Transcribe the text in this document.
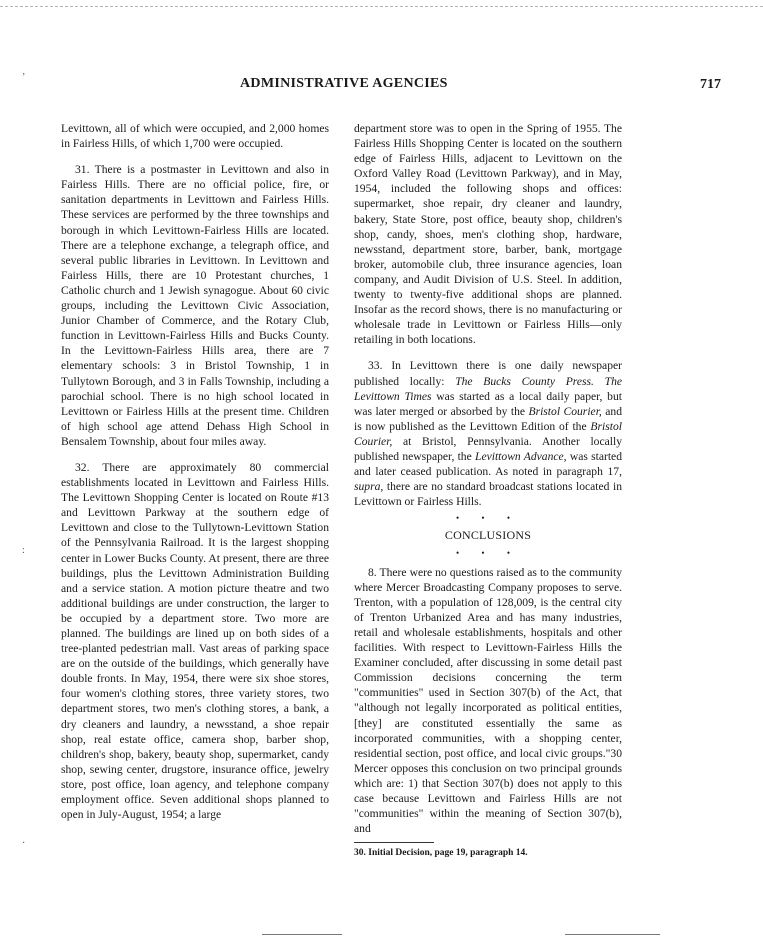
ADMINISTRATIVE AGENCIES	717
’
:
·

Levittown, all of which were occupied, and 2,000 homes in Fairless Hills, of which 1,700 were occupied.

31. There is a postmaster in Levittown and also in Fairless Hills. There are no official police, fire, or sanitation departments in Levittown and Fairless Hills. These services are performed by the three townships and borough in which Levittown-Fairless Hills are located. There are a telephone exchange, a telegraph office, and several public libraries in Levittown. In Levittown and Fairless Hills, there are 10 Protestant churches, 1 Catholic church and 1 Jewish synagogue. About 60 civic groups, including the Levittown Civic Association, Junior Chamber of Commerce, and the Rotary Club, function in Levittown-Fairless Hills and Bucks County. In the Levittown-Fairless Hills area, there are 7 elementary schools: 3 in Bristol Township, 1 in Tullytown Borough, and 3 in Falls Township, including a parochial school. There is no high school located in Levittown or Fairless Hills at the present time. Children of high school age attend Dehass High School in Bensalem Township, about four miles away.

32. There are approximately 80 commercial establishments located in Levittown and Fairless Hills. The Levittown Shopping Center is located on Route #13 and Levittown Parkway at the southern edge of Levittown and close to the Tullytown-Levittown Station of the Pennsylvania Railroad. It is the largest shopping center in Lower Bucks County. At present, there are three buildings, plus the Levittown Administration Building and a service station. A motion picture theatre and two additional buildings are under construction, the larger to be occupied by a department store. Two more are planned. The buildings are lined up on both sides of a tree-planted pedestrian mall. Vast areas of parking space are on the outside of the buildings, which generally have double fronts. In May, 1954, there were six shoe stores, four women's clothing stores, three variety stores, two department stores, two men's clothing stores, a bank, a dry cleaners and laundry, a newsstand, a shoe repair shop, real estate office, camera shop, barber shop, children's shop, bakery, beauty shop, supermarket, candy shop, sewing center, drugstore, insurance office, jewelry store, post office, loan agency, and telephone company employment office. Seven additional shops planned to open in July-August, 1954; a large

department store was to open in the Spring of 1955. The Fairless Hills Shopping Center is located on the southern edge of Fairless Hills, adjacent to Levittown on the Oxford Valley Road (Levittown Parkway), and in May, 1954, included the following shops and offices: supermarket, shoe repair, dry cleaner and laundry, bakery, State Store, post office, beauty shop, children's shop, candy, shoes, men's clothing shop, hardware, newsstand, department store, barber, bank, mortgage broker, automobile club, three insurance agencies, loan company, and Audit Division of U.S. Steel. In addition, twenty to twenty-five additional shops are planned. Insofar as the record shows, there is no manufacturing or wholesale trade in Levittown or Fairless Hills—only retailing in both locations.

33. In Levittown there is one daily newspaper published locally: The Bucks County Press. The Levittown Times was started as a local daily paper, but was later merged or absorbed by the Bristol Courier, and is now published as the Levittown Edition of the Bristol Courier, at Bristol, Pennsylvania. Another locally published newspaper, the Levittown Advance, was started and later ceased publication. As noted in paragraph 17, supra, there are no standard broadcast stations located in Levittown or Fairless Hills.

• • •

CONCLUSIONS

• • •

8. There were no questions raised as to the community where Mercer Broadcasting Company proposes to serve. Trenton, with a population of 128,009, is the central city of Trenton Urbanized Area and has many industries, retail and wholesale establishments, hospitals and other facilities. With respect to Levittown-Fairless Hills the Examiner concluded, after discussing in some detail past Commission decisions concerning the term "communities" used in Section 307(b) of the Act, that "although not legally incorporated as political entities, [they] are constituted essentially the same as incorporated communities, with a shopping center, residential section, post office, and local civic groups."30 Mercer opposes this conclusion on two principal grounds which are: 1) that Section 307(b) does not apply to this case because Levittown and Fairless Hills are not "communities" within the meaning of Section 307(b), and

30. Initial Decision, page 19, paragraph 14.
